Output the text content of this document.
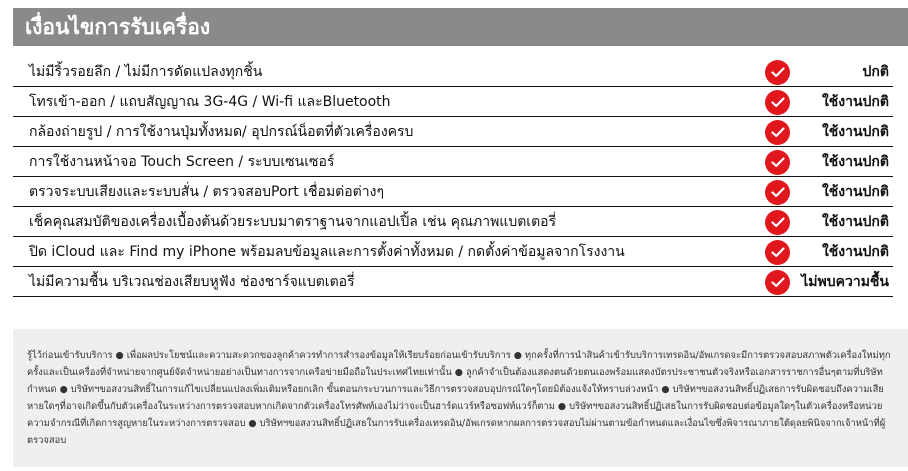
เงื่อนไขการรับเครื่อง
ไม่มีริ้วรอยลึก / ไม่มีการดัดแปลงทุกชิ้น	ปกติ
โทรเข้า-ออก / แถบสัญญาณ 3G-4G / Wi-fi และBluetooth	ใช้งานปกติ
กล้องถ่ายรูป / การใช้งานปุ่มทั้งหมด/ อุปกรณ์น็อตที่ตัวเครื่องครบ	ใช้งานปกติ
การใช้งานหน้าจอ Touch Screen / ระบบเซนเซอร์	ใช้งานปกติ
ตรวจระบบเสียงและระบบสั่น / ตรวจสอบPort เชื่อมต่อต่างๆ	ใช้งานปกติ
เช็คคุณสมบัติของเครื่องเบื้องต้นด้วยระบบมาตราฐานจากแอปเปิ้ล เช่น คุณภาพแบตเตอรี่	ใช้งานปกติ
ปิด iCloud และ Find my iPhone พร้อมลบข้อมูลและการตั้งค่าทั้งหมด / กดตั้งค่าข้อมูลจากโรงงาน	ใช้งานปกติ
ไม่มีความชื้น บริเวณช่องเสียบหูฟัง ช่องชาร์จแบตเตอรี่	ไม่พบความชื้น

รู้ไว้ก่อนเข้ารับบริการ ● เพื่อผลประโยชน์และความสะดวกของลูกค้าควรทำการสำรองข้อมูลให้เรียบร้อยก่อนเข้ารับบริการ ● ทุกครั้งที่การนำสินค้าเข้ารับบริการเทรดอิน/อัพเกรดจะมีการตรวจสอบสภาพตัวเครื่องใหม่ทุกครั้งและเป็นเครื่องที่จำหน่ายจากศูนย์จัดจำหน่ายอย่างเป็นทางการจากเครือข่ายมือถือในประเทศไทยเท่านั้น ● ลูกค้าจำเป็นต้องแสดงตนด้วยตนเองพร้อมแสดงบัตรประชาชนตัวจริงหรือเอกสารราชการอื่นๆตามที่บริษัทกำหนด ● บริษัทฯขอสงวนสิทธิ์ในการแก้ไขเปลี่ยนแปลงเพิ่มเติมหรือยกเลิก ขั้นตอนกระบวนการและวิธีการตรวจสอบอุปกรณ์ใดๆโดยมิต้องแจ้งให้ทราบล่วงหน้า ● บริษัทฯขอสงวนสิทธิ์ปฏิเสธการรับผิดชอบถึงความเสียหายใดๆที่อาจเกิดขึ้นกับตัวเครื่องในระหว่างการตรวจสอบหากเกิดจากตัวเครื่องโทรศัพท์เองไม่ว่าจะเป็นฮาร์ดแวร์หรือซอฟท์แวร์ก็ตาม ● บริษัทฯขอสงวนสิทธิ์ปฏิเสธในการรับผิดชอบต่อข้อมูลใดๆในตัวเครื่องหรือหน่วยความจำกรณีที่เกิดการสูญหายในระหว่างการตรวจสอบ ● บริษัทฯขอสงวนสิทธิ์ปฏิเสธในการรับเครื่องเทรดอิน/อัพเกรดหากผลการตรวจสอบไม่ผ่านตามข้อกำหนดและเงื่อนไขซึ่งพิจารณาภายใต้ดุลยพินิจจากเจ้าหน้าที่ผู้ตรวจสอบ
